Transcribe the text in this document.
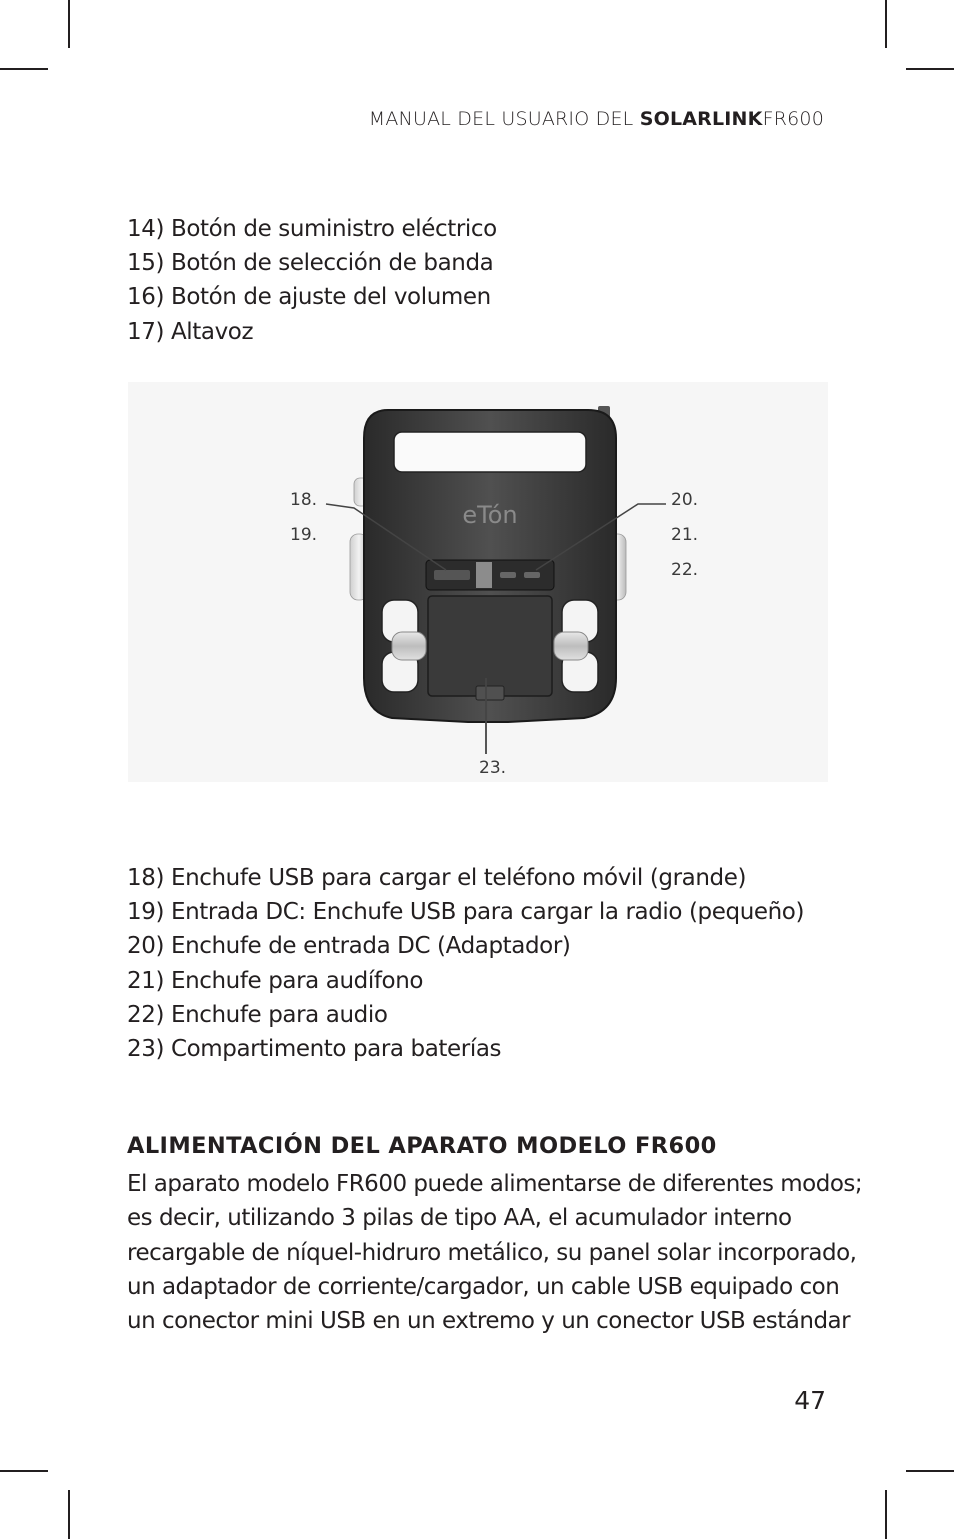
MANUAL DEL USUARIO DEL SOLARLINKFR600
14) Botón de suministro eléctrico
15) Botón de selección de banda
16) Botón de ajuste del volumen
17) Altavoz
eTón
18.
19.
20.
21.
22.
23.
18) Enchufe USB para cargar el teléfono móvil (grande)
19) Entrada DC: Enchufe USB para cargar la radio (pequeño)
20) Enchufe de entrada DC (Adaptador)
21) Enchufe para audífono
22) Enchufe para audio
23) Compartimento para baterías
ALIMENTACIÓN DEL APARATO MODELO FR600
El aparato modelo FR600 puede alimentarse de diferentes modos;
es decir, utilizando 3 pilas de tipo AA, el acumulador interno
recargable de níquel-hidruro metálico, su panel solar incorporado,
un adaptador de corriente/cargador, un cable USB equipado con
un conector mini USB en un extremo y un conector USB estándar
47
